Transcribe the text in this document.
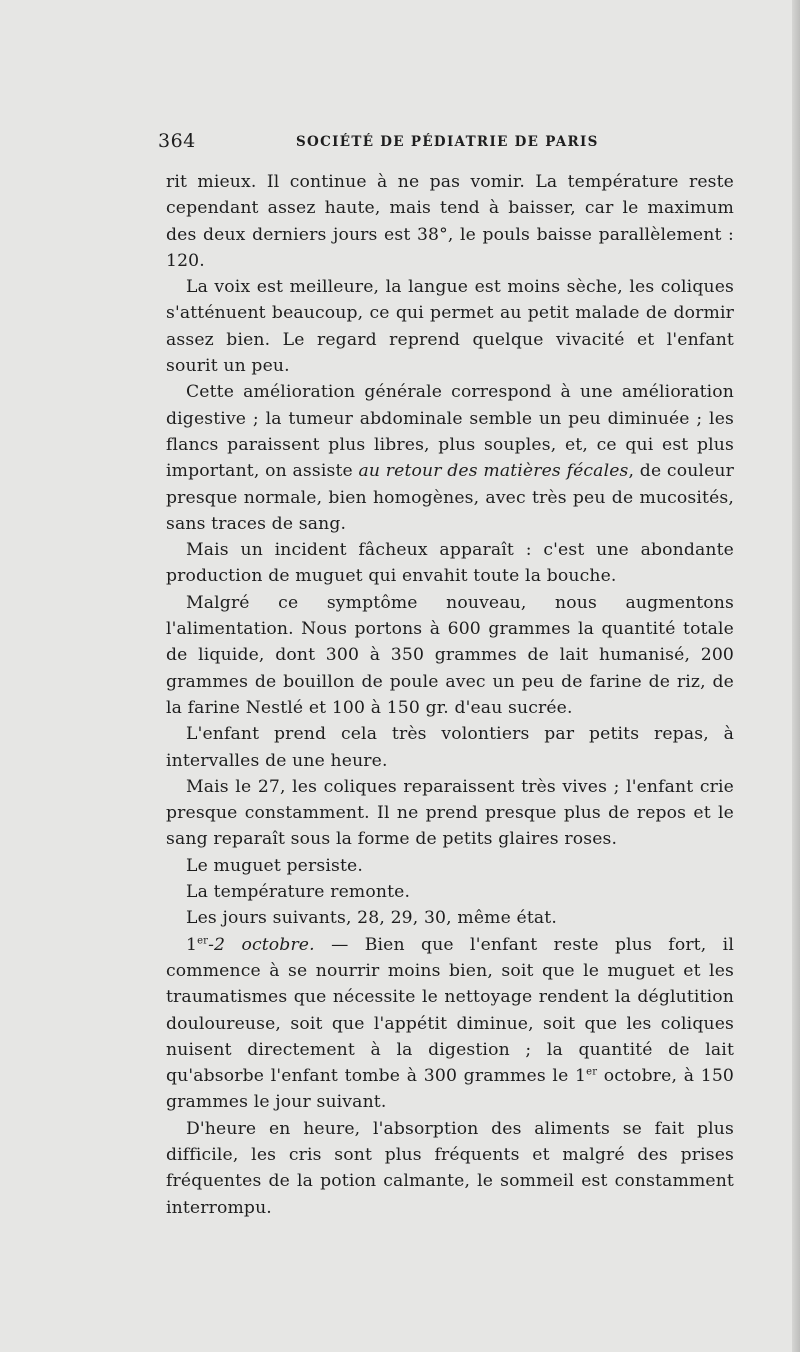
364	SOCIÉTÉ DE PÉDIATRIE DE PARIS

rit mieux. Il continue à ne pas vomir. La température reste cependant assez haute, mais tend à baisser, car le maximum des deux derniers jours est 38°, le pouls baisse parallèlement : 120.

La voix est meilleure, la langue est moins sèche, les coliques s'atténuent beaucoup, ce qui permet au petit malade de dormir assez bien. Le regard reprend quelque vivacité et l'enfant sourit un peu.

Cette amélioration générale correspond à une amélioration digestive ; la tumeur abdominale semble un peu diminuée ; les flancs paraissent plus libres, plus souples, et, ce qui est plus important, on assiste au retour des matières fécales, de couleur presque normale, bien homogènes, avec très peu de mucosités, sans traces de sang.

Mais un incident fâcheux apparaît : c'est une abondante production de muguet qui envahit toute la bouche.

Malgré ce symptôme nouveau, nous augmentons l'alimentation. Nous portons à 600 grammes la quantité totale de liquide, dont 300 à 350 grammes de lait humanisé, 200 grammes de bouillon de poule avec un peu de farine de riz, de la farine Nestlé et 100 à 150 gr. d'eau sucrée.

L'enfant prend cela très volontiers par petits repas, à intervalles de une heure.

Mais le 27, les coliques reparaissent très vives ; l'enfant crie presque constamment. Il ne prend presque plus de repos et le sang reparaît sous la forme de petits glaires roses.

Le muguet persiste.

La température remonte.

Les jours suivants, 28, 29, 30, même état.

1er-2 octobre. — Bien que l'enfant reste plus fort, il commence à se nourrir moins bien, soit que le muguet et les traumatismes que nécessite le nettoyage rendent la déglutition douloureuse, soit que l'appétit diminue, soit que les coliques nuisent directement à la digestion ; la quantité de lait qu'absorbe l'enfant tombe à 300 grammes le 1er octobre, à 150 grammes le jour suivant.

D'heure en heure, l'absorption des aliments se fait plus difficile, les cris sont plus fréquents et malgré des prises fréquentes de la potion calmante, le sommeil est constamment interrompu.
